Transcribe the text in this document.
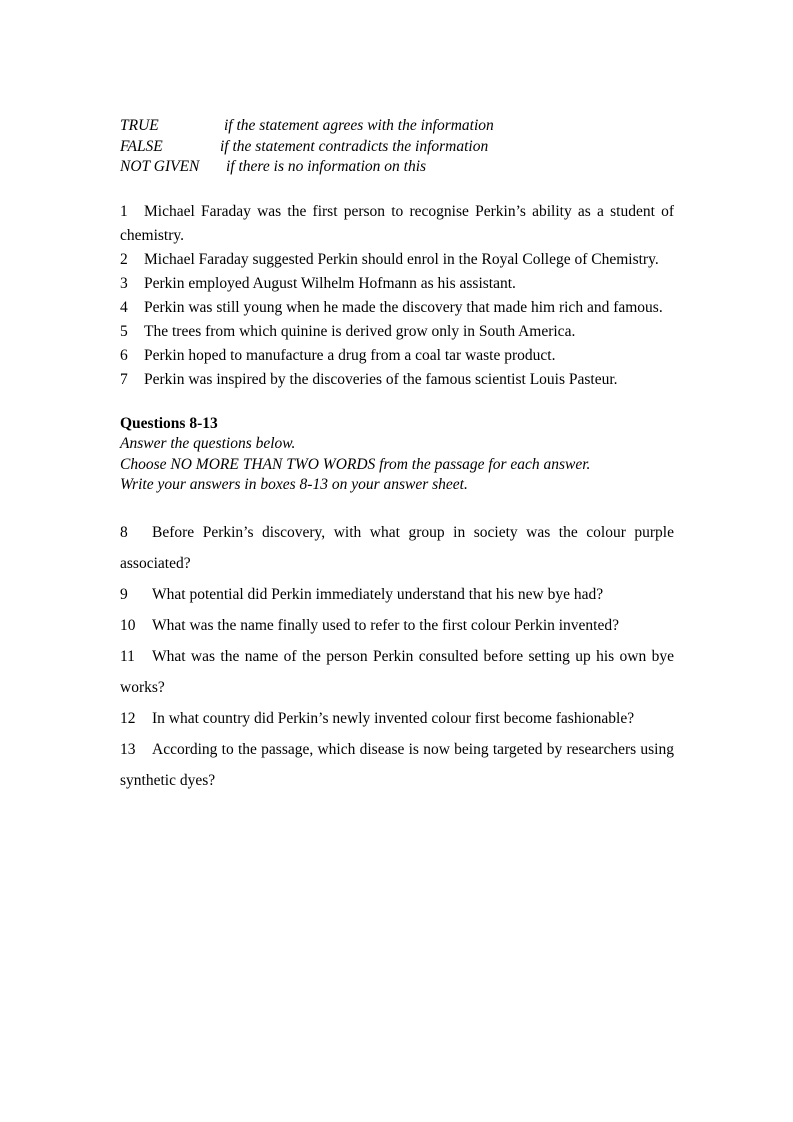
TRUE	if the statement agrees with the information
FALSE	if the statement contradicts the information
NOT GIVEN	if there is no information on this
1 Michael Faraday was the first person to recognise Perkin’s ability as a student of chemistry.
2 Michael Faraday suggested Perkin should enrol in the Royal College of Chemistry.
3 Perkin employed August Wilhelm Hofmann as his assistant.
4 Perkin was still young when he made the discovery that made him rich and famous.
5 The trees from which quinine is derived grow only in South America.
6 Perkin hoped to manufacture a drug from a coal tar waste product.
7 Perkin was inspired by the discoveries of the famous scientist Louis Pasteur.
Questions 8-13
Answer the questions below.
Choose NO MORE THAN TWO WORDS from the passage for each answer.
Write your answers in boxes 8-13 on your answer sheet.
8 Before Perkin’s discovery, with what group in society was the colour purple associated?
9 What potential did Perkin immediately understand that his new bye had?
10 What was the name finally used to refer to the first colour Perkin invented?
11 What was the name of the person Perkin consulted before setting up his own bye works?
12 In what country did Perkin’s newly invented colour first become fashionable?
13 According to the passage, which disease is now being targeted by researchers using synthetic dyes?
